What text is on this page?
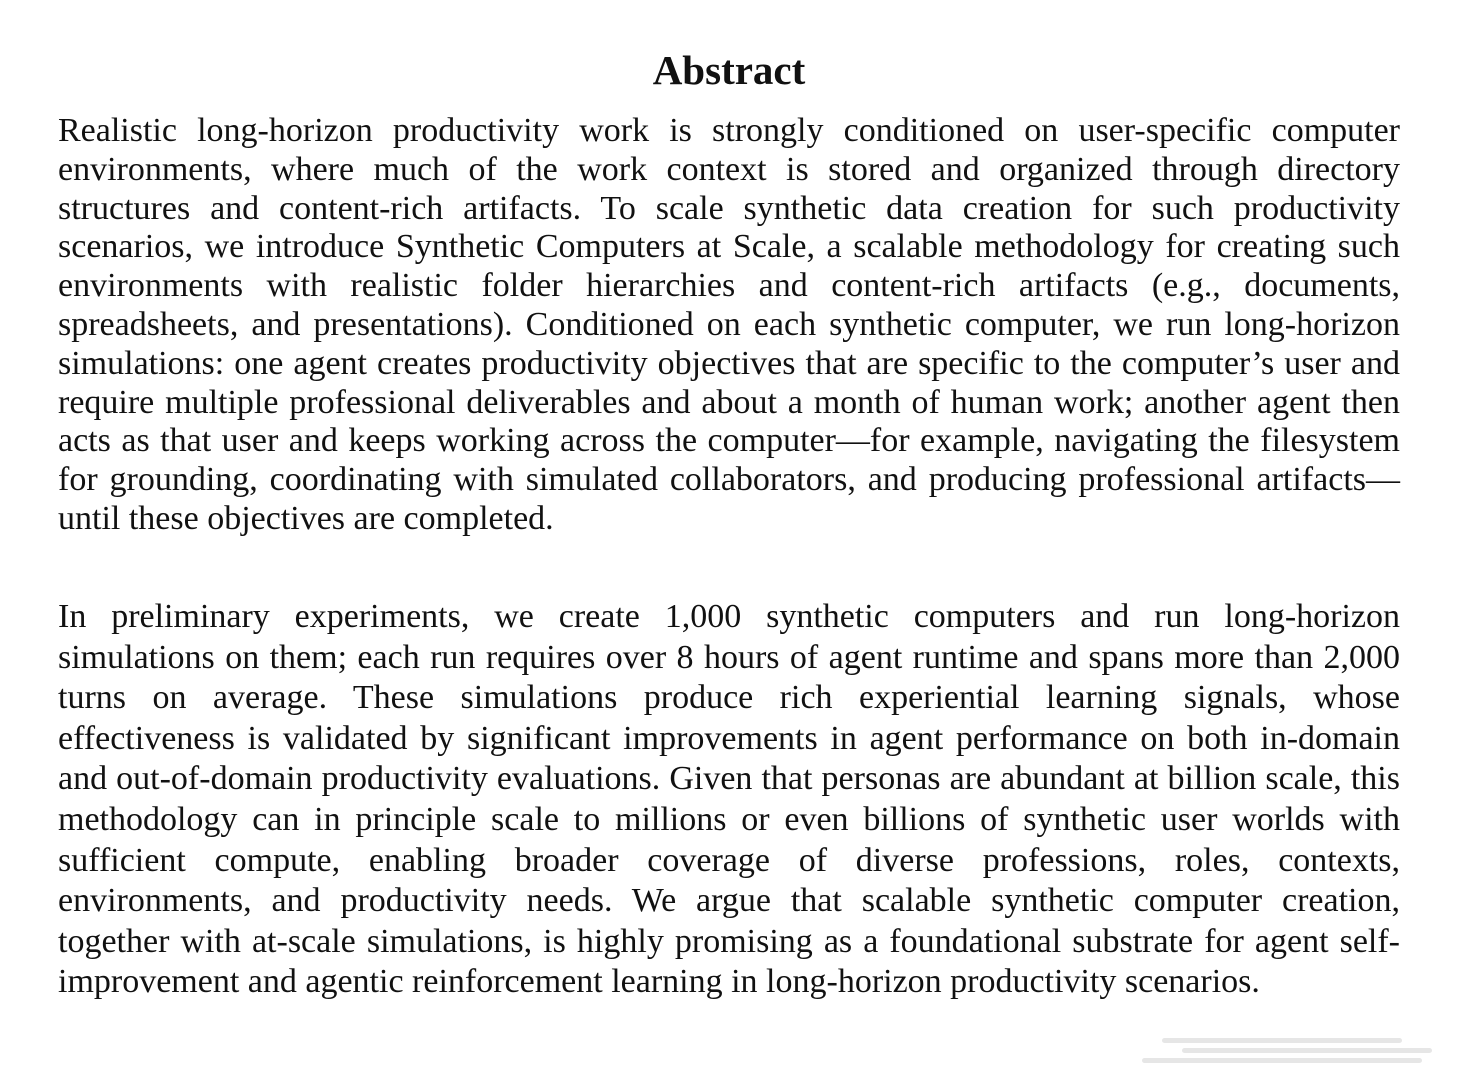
Abstract

Realistic long-horizon productivity work is strongly conditioned on user-specific computer environments, where much of the work context is stored and organized through directory structures and content-rich artifacts. To scale synthetic data creation for such productivity scenarios, we introduce Synthetic Computers at Scale, a scalable methodology for creating such environments with realistic folder hierarchies and content-rich artifacts (e.g., documents, spreadsheets, and presentations). Conditioned on each synthetic computer, we run long-horizon simulations: one agent creates productivity objectives that are specific to the computer’s user and require multiple professional deliverables and about a month of human work; another agent then acts as that user and keeps working across the computer—for example, navigating the filesystem for grounding, coordinating with simulated collaborators, and producing professional artifacts—until these objectives are completed.

In preliminary experiments, we create 1,000 synthetic computers and run long-horizon simulations on them; each run requires over 8 hours of agent runtime and spans more than 2,000 turns on average. These simulations produce rich experiential learning signals, whose effectiveness is validated by significant improvements in agent performance on both in-domain and out-of-domain productivity evaluations. Given that personas are abundant at billion scale, this methodology can in principle scale to millions or even billions of synthetic user worlds with sufficient compute, enabling broader coverage of diverse professions, roles, contexts, environments, and productivity needs. We argue that scalable synthetic computer creation, together with at-scale simulations, is highly promising as a foundational substrate for agent self-improvement and agentic reinforcement learning in long-horizon productivity scenarios.
